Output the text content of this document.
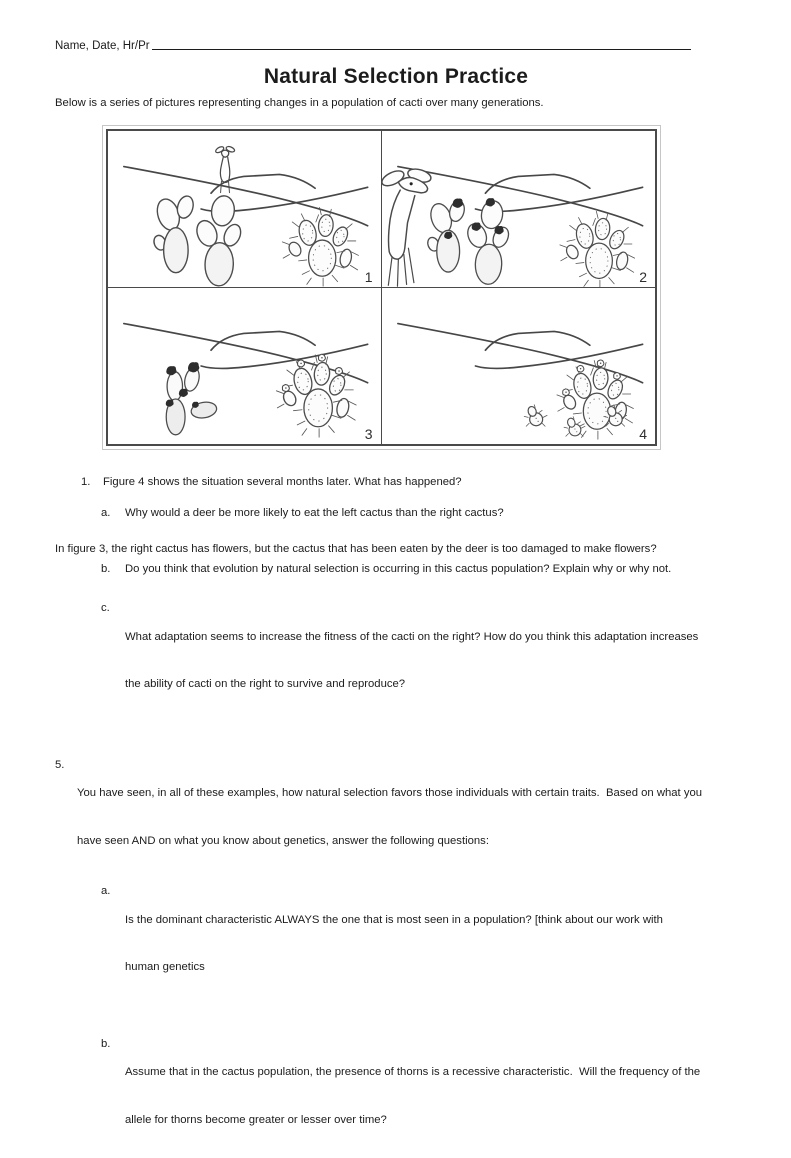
Name, Date, Hr/Pr
Natural Selection Practice
Below is a series of pictures representing changes in a population of cacti over many generations.
1	2
3	4
1.	Figure 4 shows the situation several months later. What has happened?
a.	Why would a deer be more likely to eat the left cactus than the right cactus?
In figure 3, the right cactus has flowers, but the cactus that has been eaten by the deer is too damaged to make flowers?
b.	Do you think that evolution by natural selection is occurring in this cactus population? Explain why or why not.
c.

What adaptation seems to increase the fitness of the cacti on the right? How do you think this adaptation increases

the ability of cacti on the right to survive and reproduce?

5.

You have seen, in all of these examples, how natural selection favors those individuals with certain traits.  Based on what you

have seen AND on what you know about genetics, answer the following questions:

a.

Is the dominant characteristic ALWAYS the one that is most seen in a population? [think about our work with

human genetics

b.

Assume that in the cactus population, the presence of thorns is a recessive characteristic.  Will the frequency of the

allele for thorns become greater or lesser over time?
